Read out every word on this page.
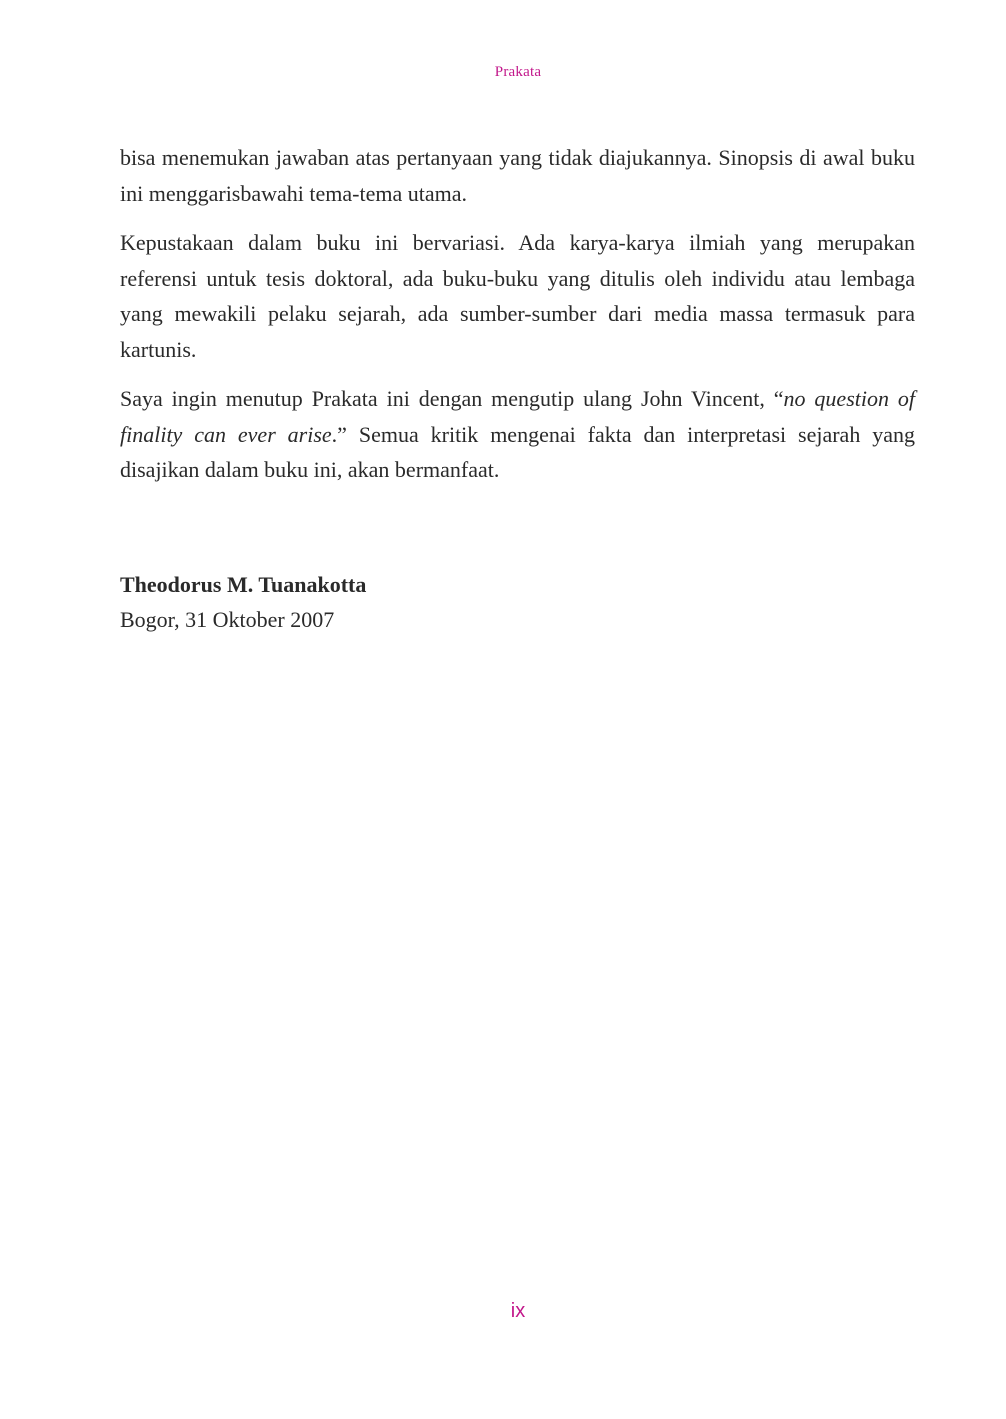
Prakata

bisa menemukan jawaban atas pertanyaan yang tidak diajukannya. Sinopsis di awal buku ini menggarisbawahi tema-tema utama.

Kepustakaan dalam buku ini bervariasi. Ada karya-karya ilmiah yang merupakan referensi untuk tesis doktoral, ada buku-buku yang ditulis oleh individu atau lembaga yang mewakili pelaku sejarah, ada sumber-sumber dari media massa termasuk para kartunis.

Saya ingin menutup Prakata ini dengan mengutip ulang John Vincent, “no question of finality can ever arise.” Semua kritik mengenai fakta dan interpretasi sejarah yang disajikan dalam buku ini, akan bermanfaat.

Theodorus M. Tuanakotta
Bogor, 31 Oktober 2007
ix
